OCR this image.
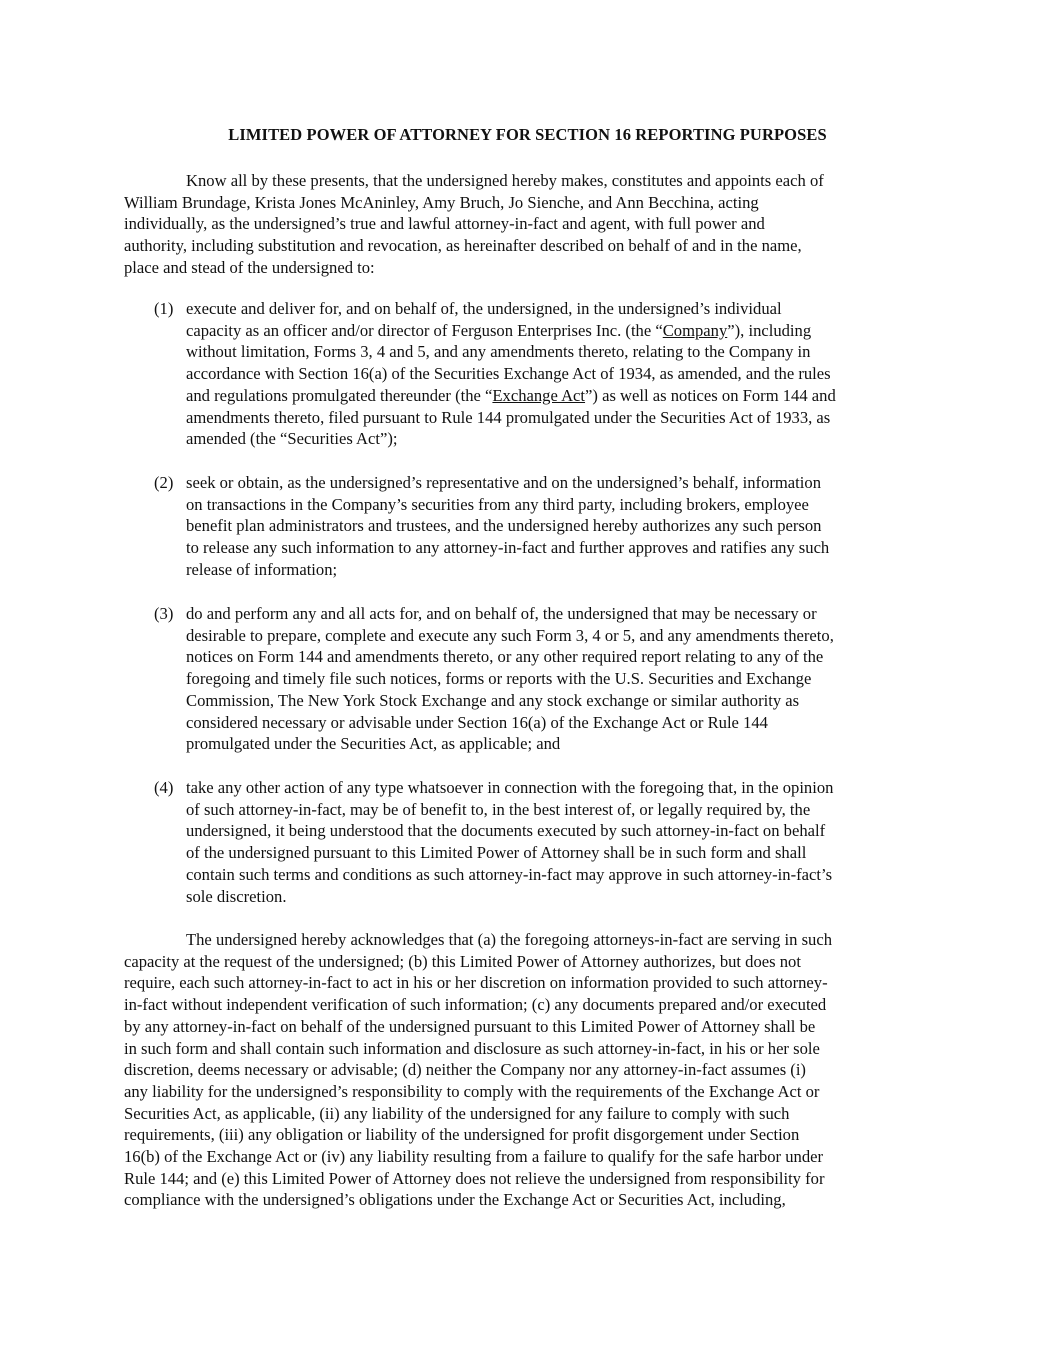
LIMITED POWER OF ATTORNEY FOR SECTION 16 REPORTING PURPOSES
Know all by these presents, that the undersigned hereby makes, constitutes and appoints each of
William Brundage, Krista Jones McAninley, Amy Bruch, Jo Sienche, and Ann Becchina, acting
individually, as the undersigned’s true and lawful attorney-in-fact and agent, with full power and
authority, including substitution and revocation, as hereinafter described on behalf of and in the name,
place and stead of the undersigned to:
(1) execute and deliver for, and on behalf of, the undersigned, in the undersigned’s individual
capacity as an officer and/or director of Ferguson Enterprises Inc. (the “Company”), including
without limitation, Forms 3, 4 and 5, and any amendments thereto, relating to the Company in
accordance with Section 16(a) of the Securities Exchange Act of 1934, as amended, and the rules
and regulations promulgated thereunder (the “Exchange Act”) as well as notices on Form 144 and
amendments thereto, filed pursuant to Rule 144 promulgated under the Securities Act of 1933, as
amended (the “Securities Act”);
(2) seek or obtain, as the undersigned’s representative and on the undersigned’s behalf, information
on transactions in the Company’s securities from any third party, including brokers, employee
benefit plan administrators and trustees, and the undersigned hereby authorizes any such person
to release any such information to any attorney-in-fact and further approves and ratifies any such
release of information;
(3) do and perform any and all acts for, and on behalf of, the undersigned that may be necessary or
desirable to prepare, complete and execute any such Form 3, 4 or 5, and any amendments thereto,
notices on Form 144 and amendments thereto, or any other required report relating to any of the
foregoing and timely file such notices, forms or reports with the U.S. Securities and Exchange
Commission, The New York Stock Exchange and any stock exchange or similar authority as
considered necessary or advisable under Section 16(a) of the Exchange Act or Rule 144
promulgated under the Securities Act, as applicable; and
(4) take any other action of any type whatsoever in connection with the foregoing that, in the opinion
of such attorney-in-fact, may be of benefit to, in the best interest of, or legally required by, the
undersigned, it being understood that the documents executed by such attorney-in-fact on behalf
of the undersigned pursuant to this Limited Power of Attorney shall be in such form and shall
contain such terms and conditions as such attorney-in-fact may approve in such attorney-in-fact’s
sole discretion.
The undersigned hereby acknowledges that (a) the foregoing attorneys-in-fact are serving in such
capacity at the request of the undersigned; (b) this Limited Power of Attorney authorizes, but does not
require, each such attorney-in-fact to act in his or her discretion on information provided to such attorney-
in-fact without independent verification of such information; (c) any documents prepared and/or executed
by any attorney-in-fact on behalf of the undersigned pursuant to this Limited Power of Attorney shall be
in such form and shall contain such information and disclosure as such attorney-in-fact, in his or her sole
discretion, deems necessary or advisable; (d) neither the Company nor any attorney-in-fact assumes (i)
any liability for the undersigned’s responsibility to comply with the requirements of the Exchange Act or
Securities Act, as applicable, (ii) any liability of the undersigned for any failure to comply with such
requirements, (iii) any obligation or liability of the undersigned for profit disgorgement under Section
16(b) of the Exchange Act or (iv) any liability resulting from a failure to qualify for the safe harbor under
Rule 144; and (e) this Limited Power of Attorney does not relieve the undersigned from responsibility for
compliance with the undersigned’s obligations under the Exchange Act or Securities Act, including,
